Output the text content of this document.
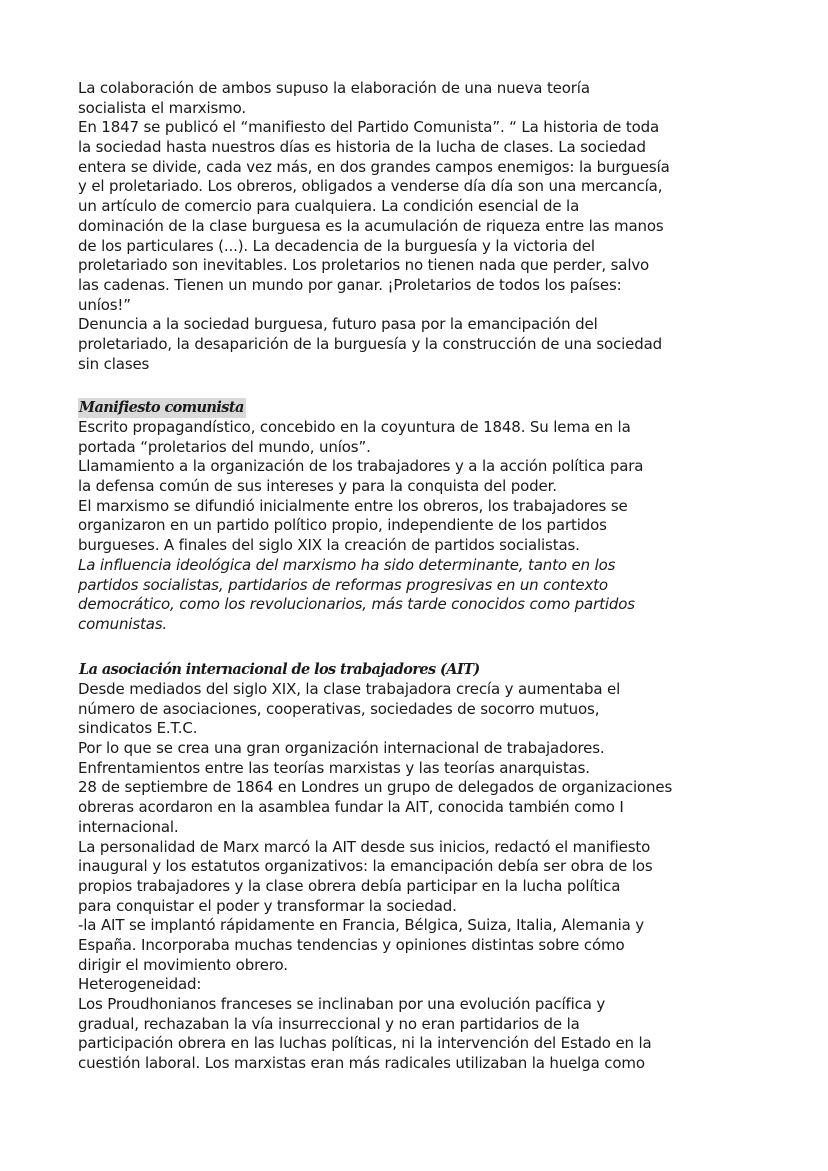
La colaboración de ambos supuso la elaboración de una nueva teoría
socialista el marxismo.
En 1847 se publicó el “manifiesto del Partido Comunista”. “ La historia de toda
la sociedad hasta nuestros días es historia de la lucha de clases. La sociedad
entera se divide, cada vez más, en dos grandes campos enemigos: la burguesía
y el proletariado. Los obreros, obligados a venderse día día son una mercancía,
un artículo de comercio para cualquiera. La condición esencial de la
dominación de la clase burguesa es la acumulación de riqueza entre las manos
de los particulares (...). La decadencia de la burguesía y la victoria del
proletariado son inevitables. Los proletarios no tienen nada que perder, salvo
las cadenas. Tienen un mundo por ganar. ¡Proletarios de todos los países:
uníos!”
Denuncia a la sociedad burguesa, futuro pasa por la emancipación del
proletariado, la desaparición de la burguesía y la construcción de una sociedad
sin clases
Manifiesto comunista
Escrito propagandístico, concebido en la coyuntura de 1848. Su lema en la
portada “proletarios del mundo, uníos”.
Llamamiento a la organización de los trabajadores y a la acción política para
la defensa común de sus intereses y para la conquista del poder.
El marxismo se difundió inicialmente entre los obreros, los trabajadores se
organizaron en un partido político propio, independiente de los partidos
burgueses. A finales del siglo XIX la creación de partidos socialistas.
La influencia ideológica del marxismo ha sido determinante, tanto en los
partidos socialistas, partidarios de reformas progresivas en un contexto
democrático, como los revolucionarios, más tarde conocidos como partidos
comunistas.
La asociación internacional de los trabajadores (AIT)
Desde mediados del siglo XIX, la clase trabajadora crecía y aumentaba el
número de asociaciones, cooperativas, sociedades de socorro mutuos,
sindicatos E.T.C.
Por lo que se crea una gran organización internacional de trabajadores.
Enfrentamientos entre las teorías marxistas y las teorías anarquistas.
28 de septiembre de 1864 en Londres un grupo de delegados de organizaciones
obreras acordaron en la asamblea fundar la AIT, conocida también como I
internacional.
La personalidad de Marx marcó la AIT desde sus inicios, redactó el manifiesto
inaugural y los estatutos organizativos: la emancipación debía ser obra de los
propios trabajadores y la clase obrera debía participar en la lucha política
para conquistar el poder y transformar la sociedad.
-la AIT se implantó rápidamente en Francia, Bélgica, Suiza, Italia, Alemania y
España. Incorporaba muchas tendencias y opiniones distintas sobre cómo
dirigir el movimiento obrero.
Heterogeneidad:
Los Proudhonianos franceses se inclinaban por una evolución pacífica y
gradual, rechazaban la vía insurreccional y no eran partidarios de la
participación obrera en las luchas políticas, ni la intervención del Estado en la
cuestión laboral. Los marxistas eran más radicales utilizaban la huelga como
